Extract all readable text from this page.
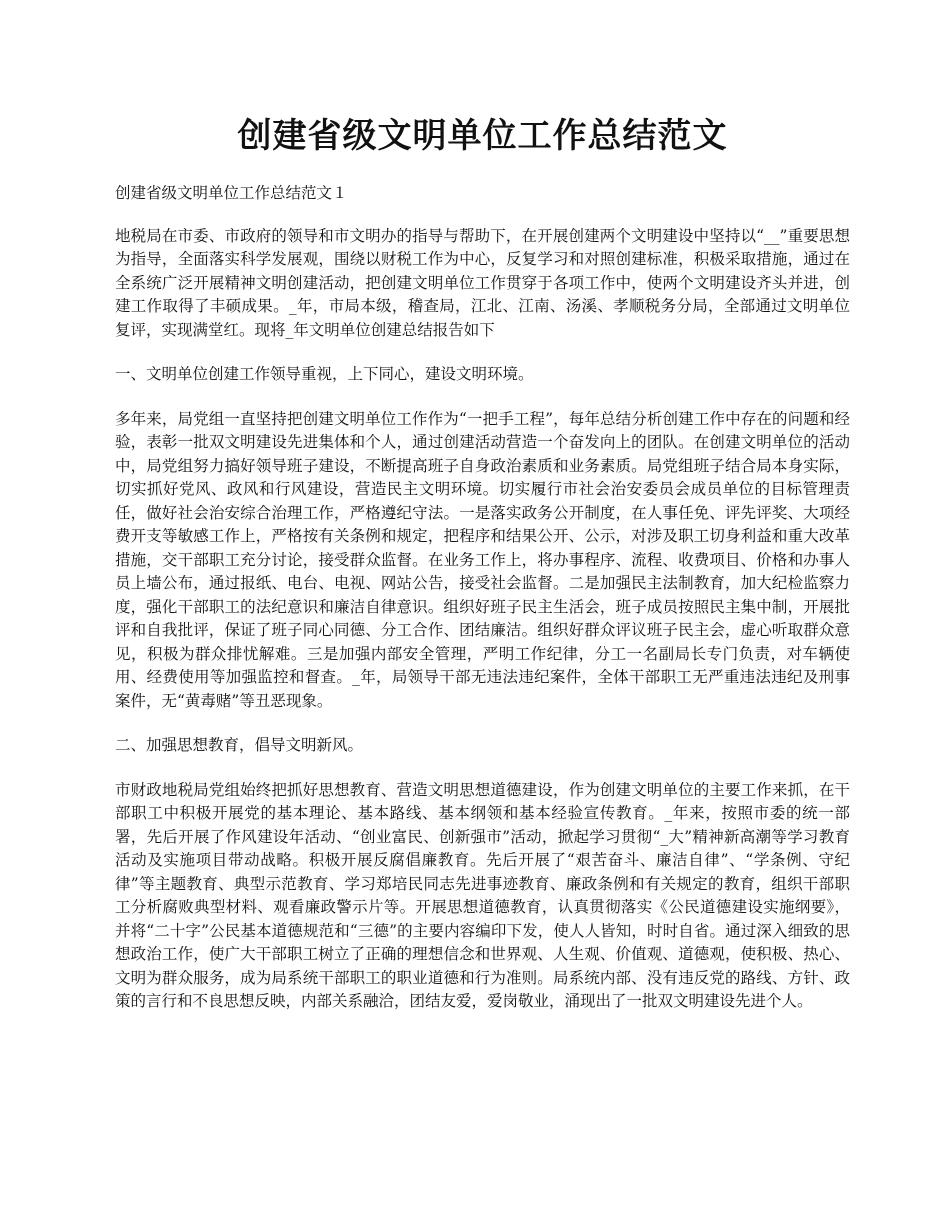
创建省级文明单位工作总结范文

创建省级文明单位工作总结范文１

地税局在市委、市政府的领导和市文明办的指导与帮助下，在开展创建两个文明建设中坚持以“__”重要思想为指导，全面落实科学发展观，围绕以财税工作为中心，反复学习和对照创建标准，积极采取措施，通过在全系统广泛开展精神文明创建活动，把创建文明单位工作贯穿于各项工作中，使两个文明建设齐头并进，创建工作取得了丰硕成果。_年，市局本级，稽查局，江北、江南、汤溪、孝顺税务分局，全部通过文明单位复评，实现满堂红。现将_年文明单位创建总结报告如下

一、文明单位创建工作领导重视，上下同心，建设文明环境。

多年来，局党组一直坚持把创建文明单位工作作为“一把手工程”，每年总结分析创建工作中存在的问题和经验，表彰一批双文明建设先进集体和个人，通过创建活动营造一个奋发向上的团队。在创建文明单位的活动中，局党组努力搞好领导班子建设，不断提高班子自身政治素质和业务素质。局党组班子结合局本身实际，切实抓好党风、政风和行风建设，营造民主文明环境。切实履行市社会治安委员会成员单位的目标管理责任，做好社会治安综合治理工作，严格遵纪守法。一是落实政务公开制度，在人事任免、评先评奖、大项经费开支等敏感工作上，严格按有关条例和规定，把程序和结果公开、公示，对涉及职工切身利益和重大改革措施，交干部职工充分讨论，接受群众监督。在业务工作上，将办事程序、流程、收费项目、价格和办事人员上墙公布，通过报纸、电台、电视、网站公告，接受社会监督。二是加强民主法制教育，加大纪检监察力度，强化干部职工的法纪意识和廉洁自律意识。组织好班子民主生活会，班子成员按照民主集中制，开展批评和自我批评，保证了班子同心同德、分工合作、团结廉洁。组织好群众评议班子民主会，虚心听取群众意见，积极为群众排忧解难。三是加强内部安全管理，严明工作纪律，分工一名副局长专门负责，对车辆使用、经费使用等加强监控和督查。_年，局领导干部无违法违纪案件，全体干部职工无严重违法违纪及刑事案件，无“黄毒赌”等丑恶现象。

二、加强思想教育，倡导文明新风。

市财政地税局党组始终把抓好思想教育、营造文明思想道德建设，作为创建文明单位的主要工作来抓，在干部职工中积极开展党的基本理论、基本路线、基本纲领和基本经验宣传教育。_年来，按照市委的统一部署，先后开展了作风建设年活动、“创业富民、创新强市”活动，掀起学习贯彻“_大”精神新高潮等学习教育活动及实施项目带动战略。积极开展反腐倡廉教育。先后开展了“艰苦奋斗、廉洁自律”、“学条例、守纪律”等主题教育、典型示范教育、学习郑培民同志先进事迹教育、廉政条例和有关规定的教育，组织干部职工分析腐败典型材料、观看廉政警示片等。开展思想道德教育，认真贯彻落实《公民道德建设实施纲要》，并将“二十字”公民基本道德规范和“三德”的主要内容编印下发，使人人皆知，时时自省。通过深入细致的思想政治工作，使广大干部职工树立了正确的理想信念和世界观、人生观、价值观、道德观，使积极、热心、文明为群众服务，成为局系统干部职工的职业道德和行为准则。局系统内部、没有违反党的路线、方针、政策的言行和不良思想反映，内部关系融洽，团结友爱，爱岗敬业，涌现出了一批双文明建设先进个人。
